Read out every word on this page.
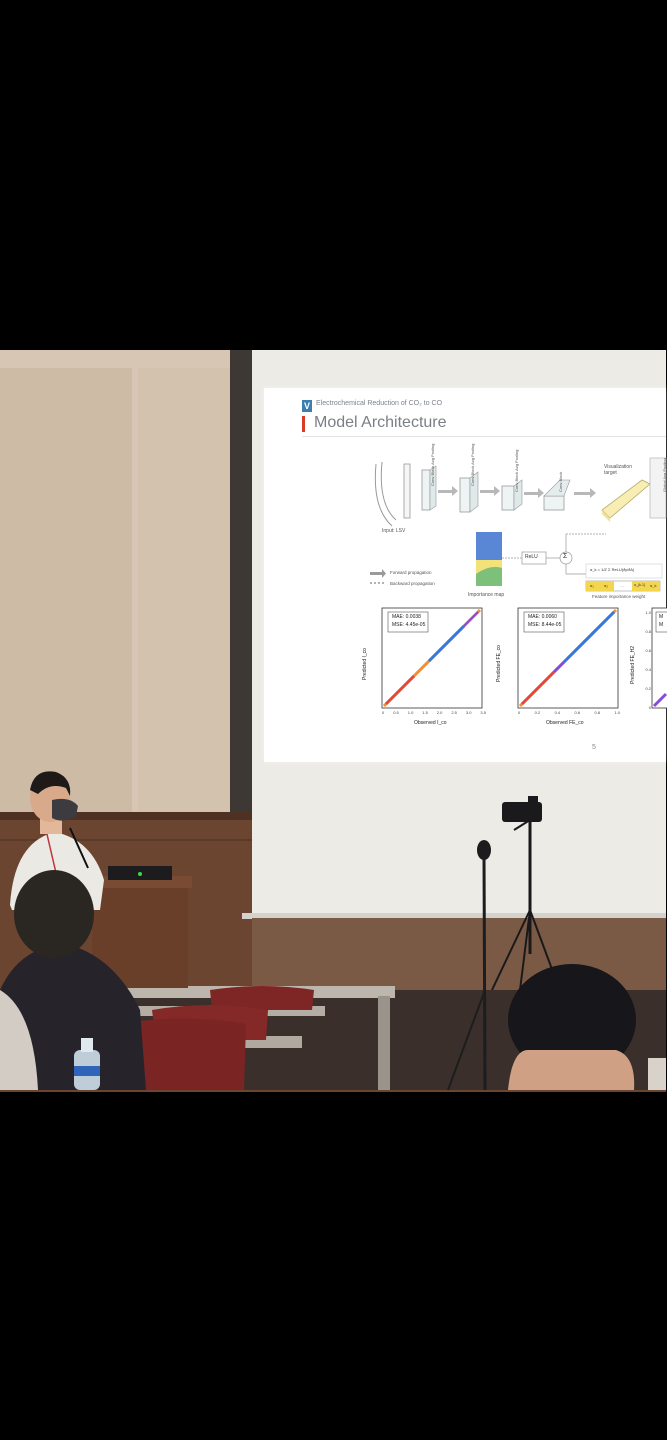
V Electrochemical Reduction of CO₂ to CO
Model Architecture
Input: LSV
Conv Block Avg Pooling	Conv Block Avg Pooling	Conv Block Avg Pooling	Conv Block	Global Avg Pooling
Visualization target
ReLU	Σ
α_k = 1/Z Σ ReLU(∂y/∂A)
α₁	α₂	…	α_{k-1} α_k
Importance map	Feature importance weight
Forward propagation
Backward propagation
MAE: 0.0038
MSE: 4.45e-05
Observed I_co
Predicted I_co
0 0.5 1.0 1.5 2.0 2.5 3.0 3.5
MAE: 0.0060
MSE: 8.44e-05
Observed FE_co
Predicted FE_co
0	0.2	0.4	0.6	0.8	1.0
M
M
Predicted FE_H2
1.0
0.8
0.6
0.4
0.2
0
5
